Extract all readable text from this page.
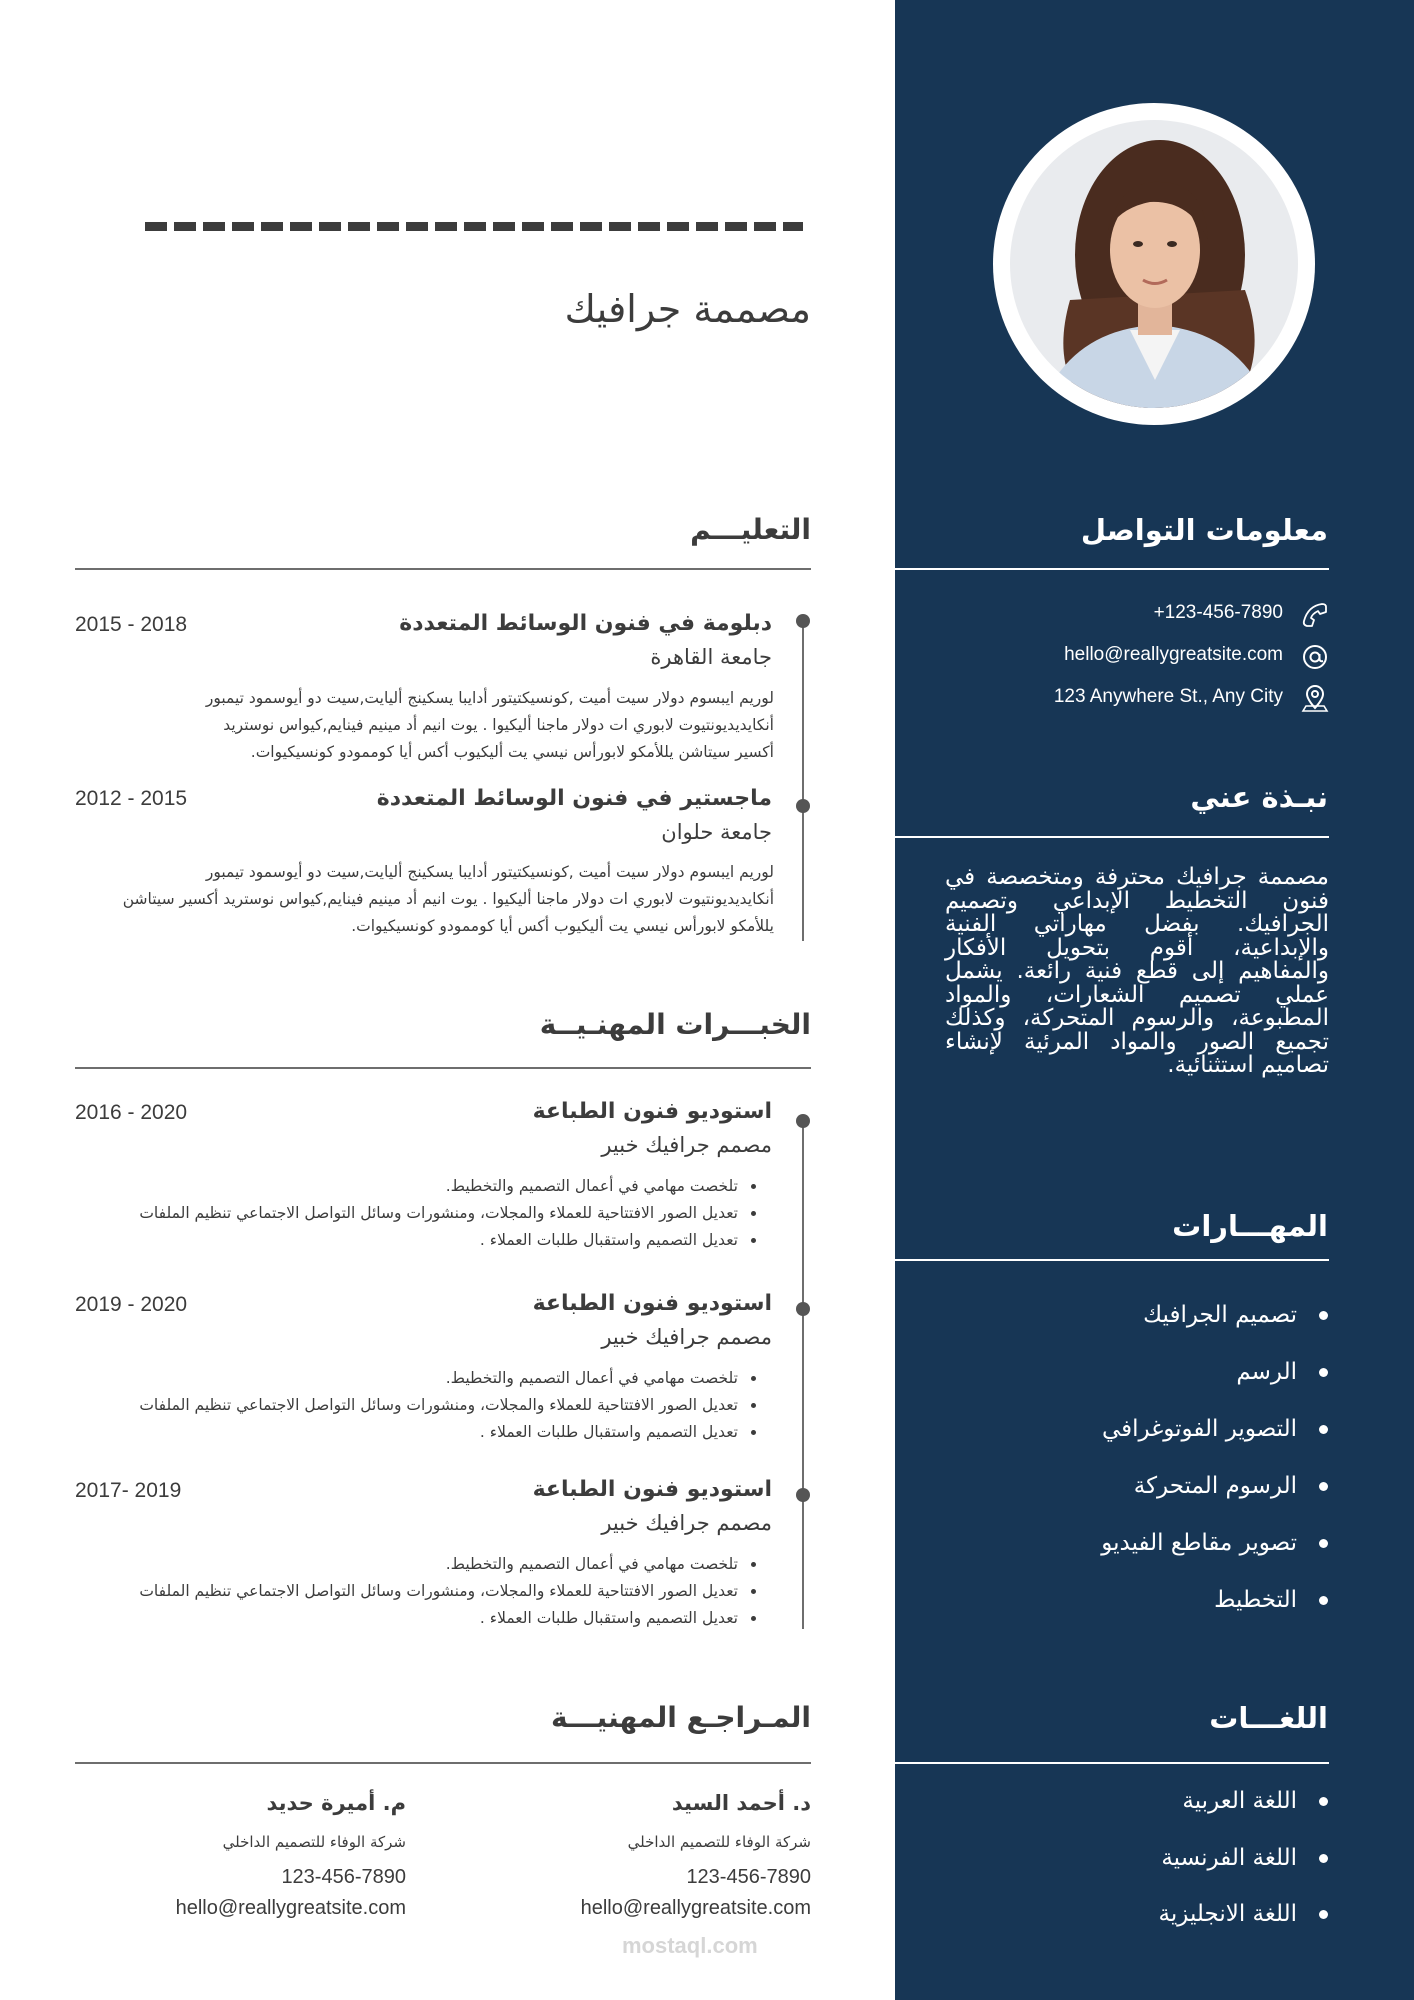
معلومات التواصل
+123-456-7890
hello@reallygreatsite.com
123 Anywhere St., Any City
نبـذة عني
مصممة جرافيك محترفة ومتخصصة في فنون التخطيط الإبداعي وتصميم الجرافيك. بفضل مهاراتي الفنية والإبداعية، أقوم بتحويل الأفكار والمفاهيم إلى قطع فنية رائعة. يشمل عملي تصميم الشعارات، والمواد المطبوعة، والرسوم المتحركة، وكذلك تجميع الصور والمواد المرئية لإنشاء تصاميم استثنائية.
المهـــارات
تصميم الجرافيك
الرسم
التصوير الفوتوغرافي
الرسوم المتحركة
تصوير مقاطع الفيديو
التخطيط
اللغـــات
اللغة العربية
اللغة الفرنسية
اللغة الانجليزية
مصممة جرافيك
التعليـــم
دبلومة في فنون الوسائط المتعددة
2015 - 2018
جامعة القاهرة
لوريم ايبسوم دولار سيت أميت ,كونسيكتيتور أدايبا يسكينج أليايت,سيت دو أيوسمود تيمبور
أنكايديديونتيوت لابوري ات دولار ماجنا أليكيوا . يوت انيم أد مينيم فينايم,كيواس نوستريد
أكسير سيتاشن يللأمكو لابورأس نيسي يت أليكيوب أكس أيا كوممودو كونسيكيوات.
ماجستير في فنون الوسائط المتعددة
2012 - 2015
جامعة حلوان
لوريم ايبسوم دولار سيت أميت ,كونسيكتيتور أدايبا يسكينج أليايت,سيت دو أيوسمود تيمبور
أنكايديديونتيوت لابوري ات دولار ماجنا أليكيوا . يوت انيم أد مينيم فينايم,كيواس نوستريد أكسير سيتاشن
يللأمكو لابورأس نيسي يت أليكيوب أكس أيا كوممودو كونسيكيوات.
الخبـــرات المهنـيــة
استوديو فنون الطباعة
2016 - 2020
مصمم جرافيك خبير
تلخصت مهامي في أعمال التصميم والتخطيط.
تعديل الصور الافتتاحية للعملاء والمجلات، ومنشورات وسائل التواصل الاجتماعي تنظيم الملفات
تعديل التصميم واستقبال طلبات العملاء .
استوديو فنون الطباعة
2019 - 2020
مصمم جرافيك خبير
تلخصت مهامي في أعمال التصميم والتخطيط.
تعديل الصور الافتتاحية للعملاء والمجلات، ومنشورات وسائل التواصل الاجتماعي تنظيم الملفات
تعديل التصميم واستقبال طلبات العملاء .
استوديو فنون الطباعة
2017- 2019
مصمم جرافيك خبير
تلخصت مهامي في أعمال التصميم والتخطيط.
تعديل الصور الافتتاحية للعملاء والمجلات، ومنشورات وسائل التواصل الاجتماعي تنظيم الملفات
تعديل التصميم واستقبال طلبات العملاء .
المـراجـع المهنيـــة
د. أحمد السيد
شركة الوفاء للتصميم الداخلي
123-456-7890
hello@reallygreatsite.com
م. أميرة حديد
شركة الوفاء للتصميم الداخلي
123-456-7890
hello@reallygreatsite.com
mostaql.com
